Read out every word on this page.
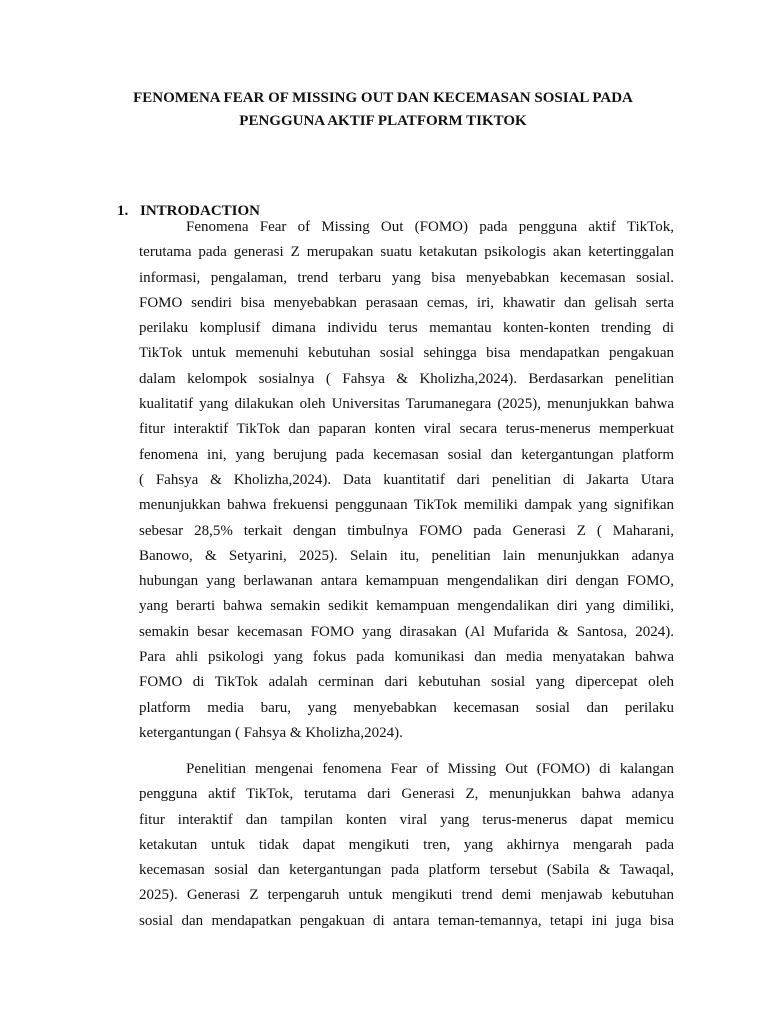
FENOMENA FEAR OF MISSING OUT DAN KECEMASAN SOSIAL PADA
PENGGUNA AKTIF PLATFORM TIKTOK
1. INTRODACTION

Fenomena Fear of Missing Out (FOMO) pada pengguna aktif TikTok,
terutama pada generasi Z merupakan suatu ketakutan psikologis akan ketertinggalan
informasi, pengalaman, trend terbaru yang bisa menyebabkan kecemasan sosial.
FOMO sendiri bisa menyebabkan perasaan cemas, iri, khawatir dan gelisah serta
perilaku komplusif dimana individu terus memantau konten-konten trending di
TikTok untuk memenuhi kebutuhan sosial sehingga bisa mendapatkan pengakuan
dalam kelompok sosialnya ( Fahsya & Kholizha,2024). Berdasarkan penelitian
kualitatif yang dilakukan oleh Universitas Tarumanegara (2025), menunjukkan bahwa
fitur interaktif TikTok dan paparan konten viral secara terus-menerus memperkuat
fenomena ini, yang berujung pada kecemasan sosial dan ketergantungan platform
( Fahsya & Kholizha,2024). Data kuantitatif dari penelitian di Jakarta Utara
menunjukkan bahwa frekuensi penggunaan TikTok memiliki dampak yang signifikan
sebesar 28,5% terkait dengan timbulnya FOMO pada Generasi Z ( Maharani,
Banowo, & Setyarini, 2025). Selain itu, penelitian lain menunjukkan adanya
hubungan yang berlawanan antara kemampuan mengendalikan diri dengan FOMO,
yang berarti bahwa semakin sedikit kemampuan mengendalikan diri yang dimiliki,
semakin besar kecemasan FOMO yang dirasakan (Al Mufarida & Santosa, 2024).
Para ahli psikologi yang fokus pada komunikasi dan media menyatakan bahwa
FOMO di TikTok adalah cerminan dari kebutuhan sosial yang dipercepat oleh
platform media baru, yang menyebabkan kecemasan sosial dan perilaku
ketergantungan ( Fahsya & Kholizha,2024).

Penelitian mengenai fenomena Fear of Missing Out (FOMO) di kalangan
pengguna aktif TikTok, terutama dari Generasi Z, menunjukkan bahwa adanya
fitur interaktif dan tampilan konten viral yang terus-menerus dapat memicu
ketakutan untuk tidak dapat mengikuti tren, yang akhirnya mengarah pada
kecemasan sosial dan ketergantungan pada platform tersebut (Sabila & Tawaqal,
2025). Generasi Z terpengaruh untuk mengikuti trend demi menjawab kebutuhan
sosial dan mendapatkan pengakuan di antara teman-temannya, tetapi ini juga bisa
